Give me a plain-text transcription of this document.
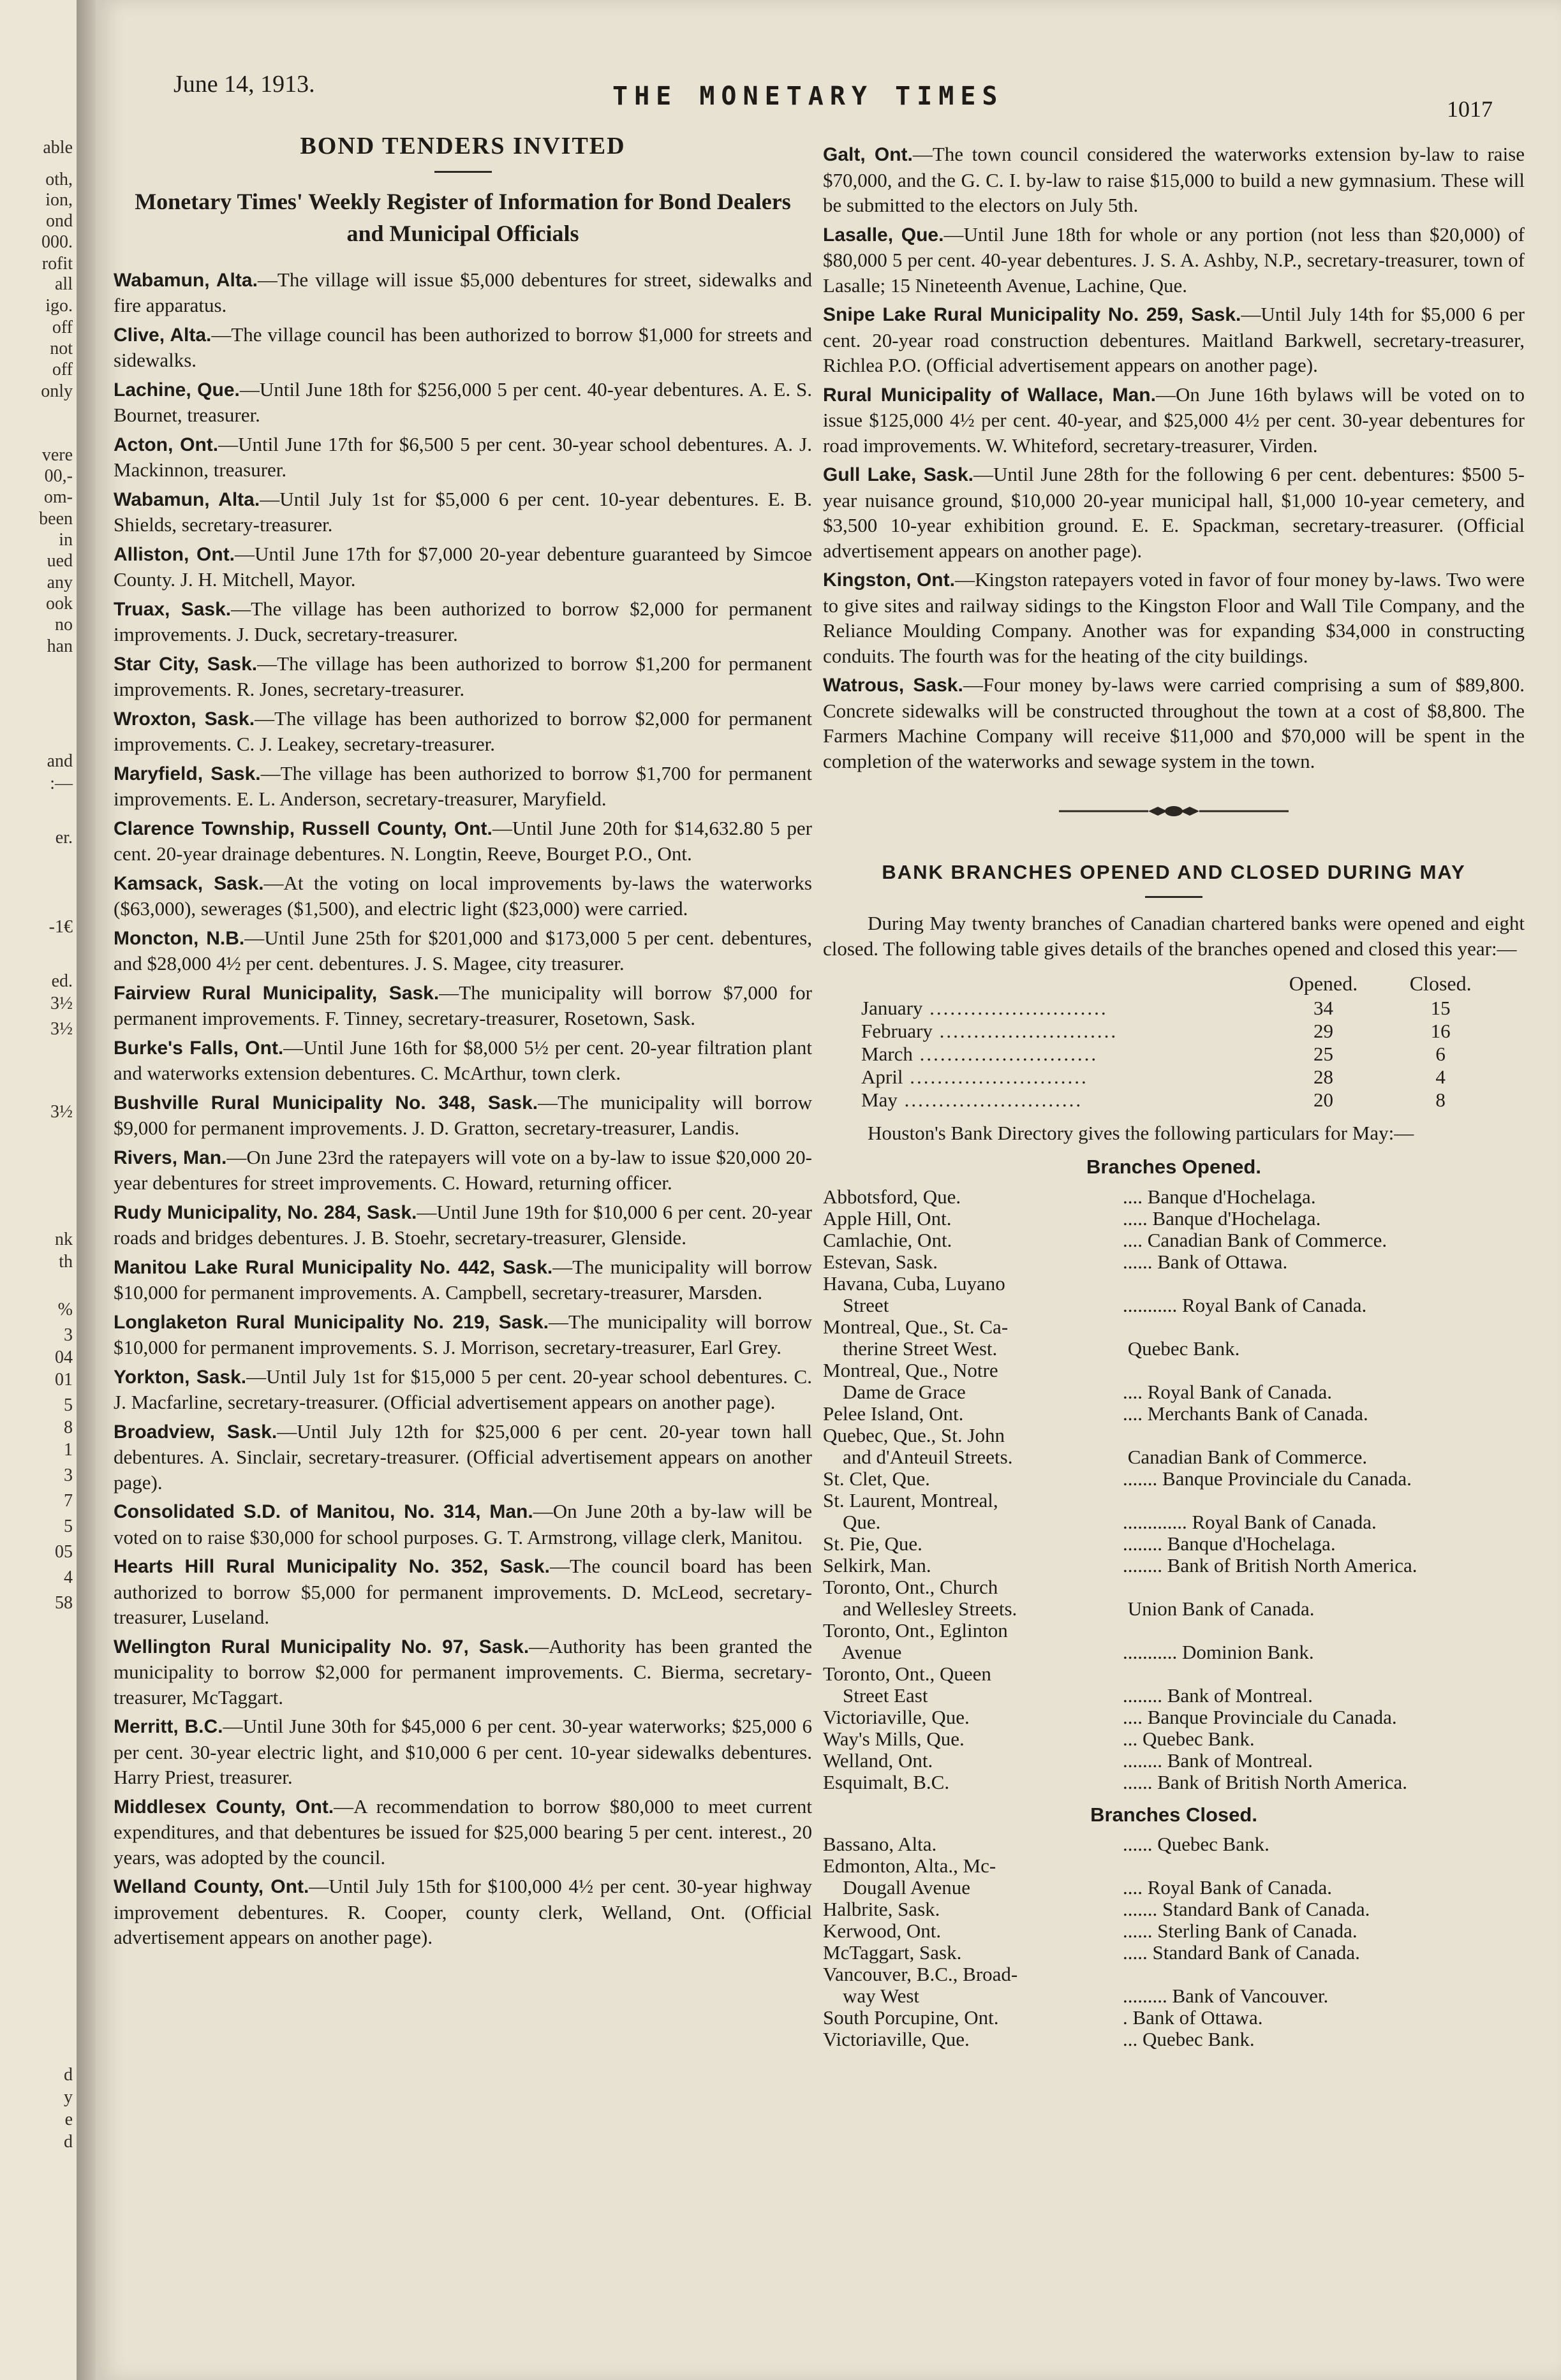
able
oth,
ion,
ond
000.
rofit
all
igo.
off
not
off
only
vere
00,-
om-
been
in
ued
any
ook
no
han
and
:—
er.
-1€
ed.
3½
3½
3½
nk
th
%
3
04
01
5
8
1
3
7
5
05
4
58
d
y
e
d
June 14, 1913.	THE MONETARY TIMES	1017
BOND TENDERS INVITED
Monetary Times' Weekly Register of Information for Bond Dealers and Municipal Officials
Wabamun, Alta.—The village will issue $5,000 debentures for street, sidewalks and fire apparatus.
Clive, Alta.—The village council has been authorized to borrow $1,000 for streets and sidewalks.
Lachine, Que.—Until June 18th for $256,000 5 per cent. 40-year debentures. A. E. S. Bournet, treasurer.
Acton, Ont.—Until June 17th for $6,500 5 per cent. 30-year school debentures. A. J. Mackinnon, treasurer.
Wabamun, Alta.—Until July 1st for $5,000 6 per cent. 10-year debentures. E. B. Shields, secretary-treasurer.
Alliston, Ont.—Until June 17th for $7,000 20-year debenture guaranteed by Simcoe County. J. H. Mitchell, Mayor.
Truax, Sask.—The village has been authorized to borrow $2,000 for permanent improvements. J. Duck, secretary-treasurer.
Star City, Sask.—The village has been authorized to borrow $1,200 for permanent improvements. R. Jones, secretary-treasurer.
Wroxton, Sask.—The village has been authorized to borrow $2,000 for permanent improvements. C. J. Leakey, secretary-treasurer.
Maryfield, Sask.—The village has been authorized to borrow $1,700 for permanent improvements. E. L. Anderson, secretary-treasurer, Maryfield.
Clarence Township, Russell County, Ont.—Until June 20th for $14,632.80 5 per cent. 20-year drainage debentures. N. Longtin, Reeve, Bourget P.O., Ont.
Kamsack, Sask.—At the voting on local improvements by-laws the waterworks ($63,000), sewerages ($1,500), and electric light ($23,000) were carried.
Moncton, N.B.—Until June 25th for $201,000 and $173,000 5 per cent. debentures, and $28,000 4½ per cent. debentures. J. S. Magee, city treasurer.
Fairview Rural Municipality, Sask.—The municipality will borrow $7,000 for permanent improvements. F. Tinney, secretary-treasurer, Rosetown, Sask.
Burke's Falls, Ont.—Until June 16th for $8,000 5½ per cent. 20-year filtration plant and waterworks extension debentures. C. McArthur, town clerk.
Bushville Rural Municipality No. 348, Sask.—The municipality will borrow $9,000 for permanent improvements. J. D. Gratton, secretary-treasurer, Landis.
Rivers, Man.—On June 23rd the ratepayers will vote on a by-law to issue $20,000 20-year debentures for street improvements. C. Howard, returning officer.
Rudy Municipality, No. 284, Sask.—Until June 19th for $10,000 6 per cent. 20-year roads and bridges debentures. J. B. Stoehr, secretary-treasurer, Glenside.
Manitou Lake Rural Municipality No. 442, Sask.—The municipality will borrow $10,000 for permanent improvements. A. Campbell, secretary-treasurer, Marsden.
Longlaketon Rural Municipality No. 219, Sask.—The municipality will borrow $10,000 for permanent improvements. S. J. Morrison, secretary-treasurer, Earl Grey.
Yorkton, Sask.—Until July 1st for $15,000 5 per cent. 20-year school debentures. C. J. Macfarline, secretary-treasurer. (Official advertisement appears on another page).
Broadview, Sask.—Until July 12th for $25,000 6 per cent. 20-year town hall debentures. A. Sinclair, secretary-treasurer. (Official advertisement appears on another page).
Consolidated S.D. of Manitou, No. 314, Man.—On June 20th a by-law will be voted on to raise $30,000 for school purposes. G. T. Armstrong, village clerk, Manitou.
Hearts Hill Rural Municipality No. 352, Sask.—The council board has been authorized to borrow $5,000 for permanent improvements. D. McLeod, secretary-treasurer, Luseland.
Wellington Rural Municipality No. 97, Sask.—Authority has been granted the municipality to borrow $2,000 for permanent improvements. C. Bierma, secretary-treasurer, McTaggart.
Merritt, B.C.—Until June 30th for $45,000 6 per cent. 30-year waterworks; $25,000 6 per cent. 30-year electric light, and $10,000 6 per cent. 10-year sidewalks debentures. Harry Priest, treasurer.
Middlesex County, Ont.—A recommendation to borrow $80,000 to meet current expenditures, and that debentures be issued for $25,000 bearing 5 per cent. interest., 20 years, was adopted by the council.
Welland County, Ont.—Until July 15th for $100,000 4½ per cent. 30-year highway improvement debentures. R. Cooper, county clerk, Welland, Ont. (Official advertisement appears on another page).
Galt, Ont.—The town council considered the waterworks extension by-law to raise $70,000, and the G. C. I. by-law to raise $15,000 to build a new gymnasium. These will be submitted to the electors on July 5th.
Lasalle, Que.—Until June 18th for whole or any portion (not less than $20,000) of $80,000 5 per cent. 40-year debentures. J. S. A. Ashby, N.P., secretary-treasurer, town of Lasalle; 15 Nineteenth Avenue, Lachine, Que.
Snipe Lake Rural Municipality No. 259, Sask.—Until July 14th for $5,000 6 per cent. 20-year road construction debentures. Maitland Barkwell, secretary-treasurer, Richlea P.O. (Official advertisement appears on another page).
Rural Municipality of Wallace, Man.—On June 16th bylaws will be voted on to issue $125,000 4½ per cent. 40-year, and $25,000 4½ per cent. 30-year debentures for road improvements. W. Whiteford, secretary-treasurer, Virden.
Gull Lake, Sask.—Until June 28th for the following 6 per cent. debentures: $500 5-year nuisance ground, $10,000 20-year municipal hall, $1,000 10-year cemetery, and $3,500 10-year exhibition ground. E. E. Spackman, secretary-treasurer. (Official advertisement appears on another page).
Kingston, Ont.—Kingston ratepayers voted in favor of four money by-laws. Two were to give sites and railway sidings to the Kingston Floor and Wall Tile Company, and the Reliance Moulding Company. Another was for expanding $34,000 in constructing conduits. The fourth was for the heating of the city buildings.
Watrous, Sask.—Four money by-laws were carried comprising a sum of $89,800. Concrete sidewalks will be constructed throughout the town at a cost of $8,800. The Farmers Machine Company will receive $11,000 and $70,000 will be spent in the completion of the waterworks and sewage system in the town.
BANK BRANCHES OPENED AND CLOSED DURING MAY
During May twenty branches of Canadian chartered banks were opened and eight closed. The following table gives details of the branches opened and closed this year:—
	Opened.	Closed.
January ..........................	34	15
February ..........................	29	16
March ..........................	25	6
April ..........................	28	4
May ..........................	20	8
Houston's Bank Directory gives the following particulars for May:—
Branches Opened.
Abbotsford, Que.	.... Banque d'Hochelaga.
Apple Hill, Ont.	..... Banque d'Hochelaga.
Camlachie, Ont.	.... Canadian Bank of Commerce.
Estevan, Sask.	...... Bank of Ottawa.
Havana, Cuba, Luyano
Street	........... Royal Bank of Canada.
Montreal, Que., St. Ca-
therine Street West.	Quebec Bank.
Montreal, Que., Notre
Dame de Grace	.... Royal Bank of Canada.
Pelee Island, Ont.	.... Merchants Bank of Canada.
Quebec, Que., St. John
and d'Anteuil Streets.	Canadian Bank of Commerce.
St. Clet, Que.	....... Banque Provinciale du Canada.
St. Laurent, Montreal,
Que.	............. Royal Bank of Canada.
St. Pie, Que.	........ Banque d'Hochelaga.
Selkirk, Man.	........ Bank of British North America.
Toronto, Ont., Church
and Wellesley Streets.	Union Bank of Canada.
Toronto, Ont., Eglinton
Avenue	........... Dominion Bank.
Toronto, Ont., Queen
Street East	........ Bank of Montreal.
Victoriaville, Que.	.... Banque Provinciale du Canada.
Way's Mills, Que.	... Quebec Bank.
Welland, Ont.	........ Bank of Montreal.
Esquimalt, B.C.	...... Bank of British North America.
Branches Closed.
Bassano, Alta.	...... Quebec Bank.
Edmonton, Alta., Mc-
Dougall Avenue	.... Royal Bank of Canada.
Halbrite, Sask.	....... Standard Bank of Canada.
Kerwood, Ont.	...... Sterling Bank of Canada.
McTaggart, Sask.	..... Standard Bank of Canada.
Vancouver, B.C., Broad-
way West	......... Bank of Vancouver.
South Porcupine, Ont.	. Bank of Ottawa.
Victoriaville, Que.	... Quebec Bank.
